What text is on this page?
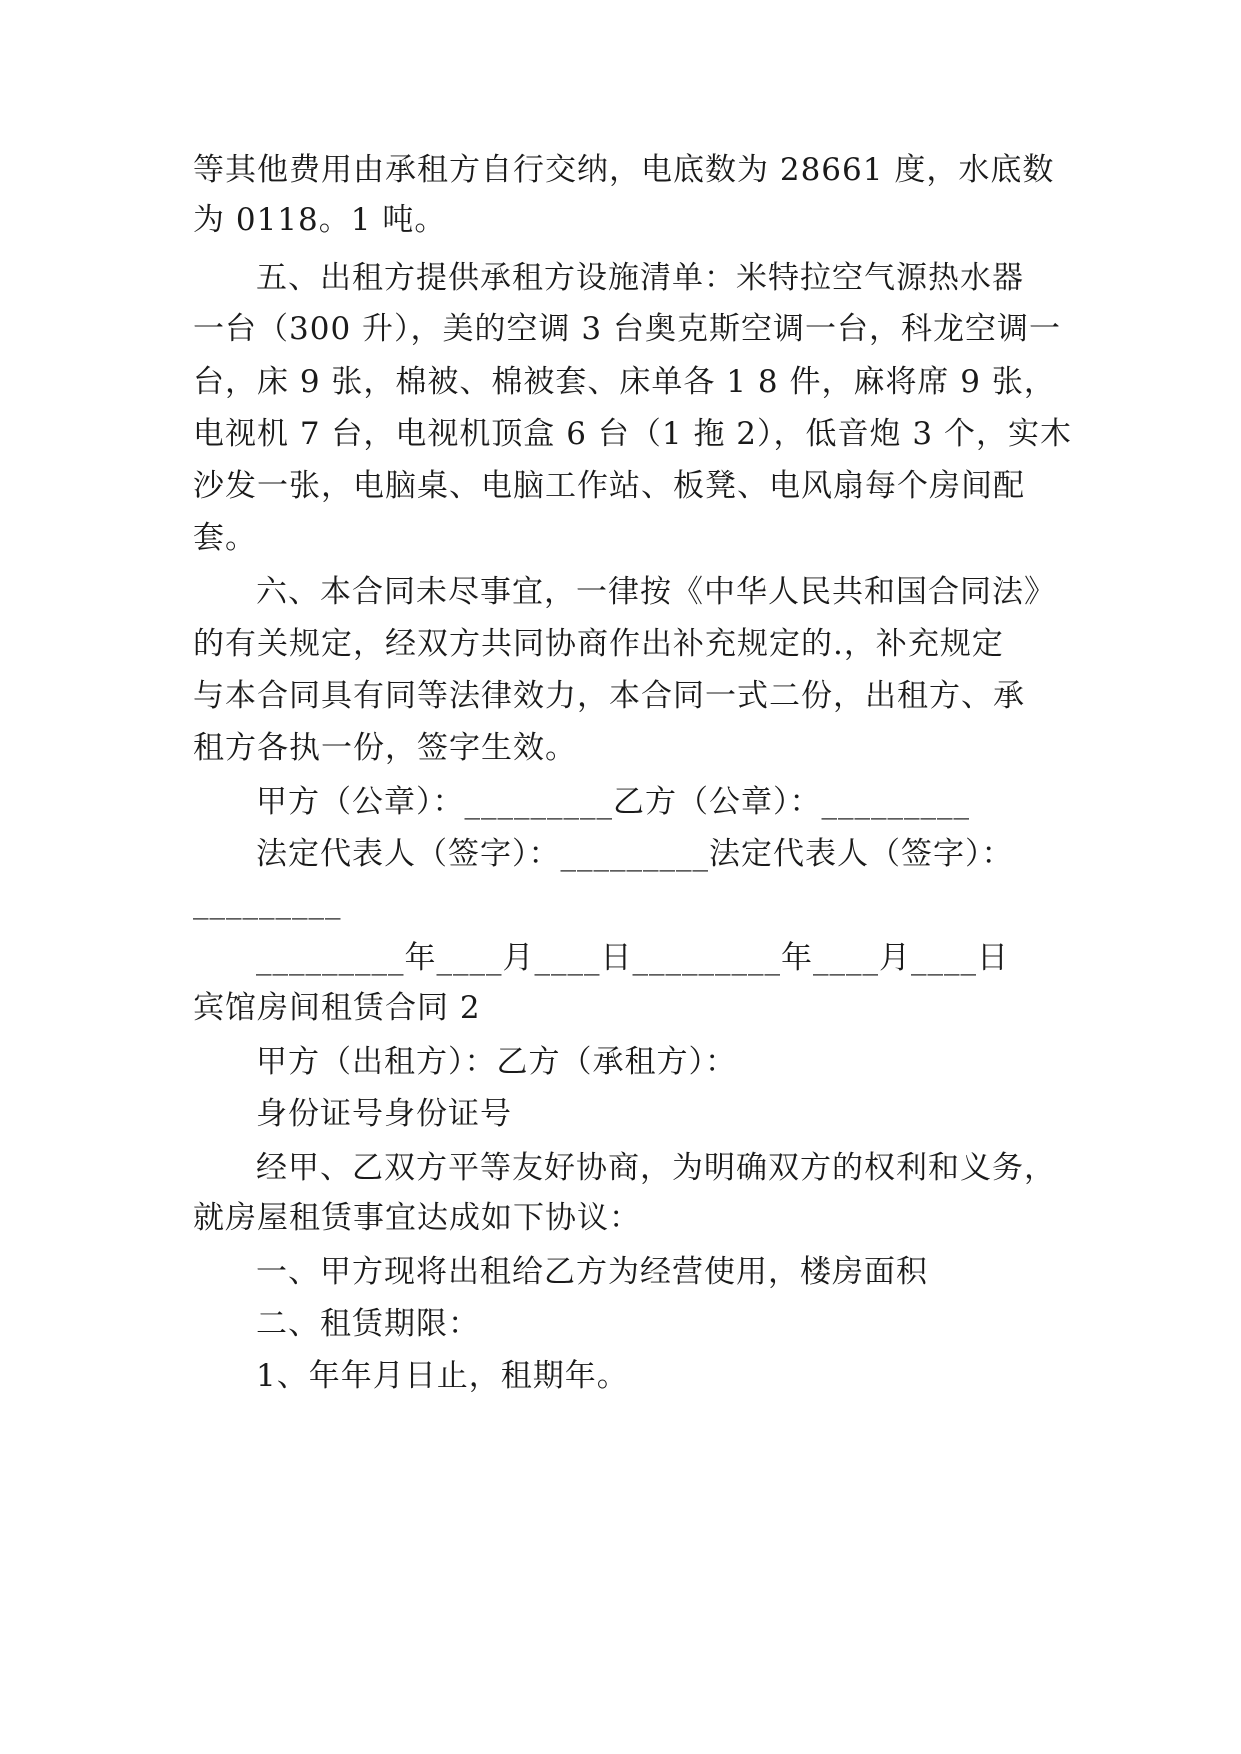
等其他费用由承租方自行交纳，电底数为 28661 度，水底数
为 0118。1 吨。
五、出租方提供承租方设施清单：米特拉空气源热水器
一台（300 升），美的空调 3 台奥克斯空调一台，科龙空调一
台，床 9 张，棉被、棉被套、床单各 1 8 件，麻将席 9 张，
电视机 7 台，电视机顶盒 6 台（1 拖 2），低音炮 3 个，实木
沙发一张，电脑桌、电脑工作站、板凳、电风扇每个房间配
套。
六、本合同未尽事宜，一律按《中华人民共和国合同法》
的有关规定，经双方共同协商作出补充规定的.，补充规定
与本合同具有同等法律效力，本合同一式二份，出租方、承
租方各执一份，签字生效。
甲方（公章）：_________乙方（公章）：_________
法定代表人（签字）：_________法定代表人（签字）：
_________
_________年____月____日_________年____月____日
宾馆房间租赁合同 2
甲方（出租方）：乙方（承租方）：
身份证号身份证号
经甲、乙双方平等友好协商，为明确双方的权利和义务，
就房屋租赁事宜达成如下协议：
一、甲方现将出租给乙方为经营使用，楼房面积
二、租赁期限：
1、年年月日止，租期年。
